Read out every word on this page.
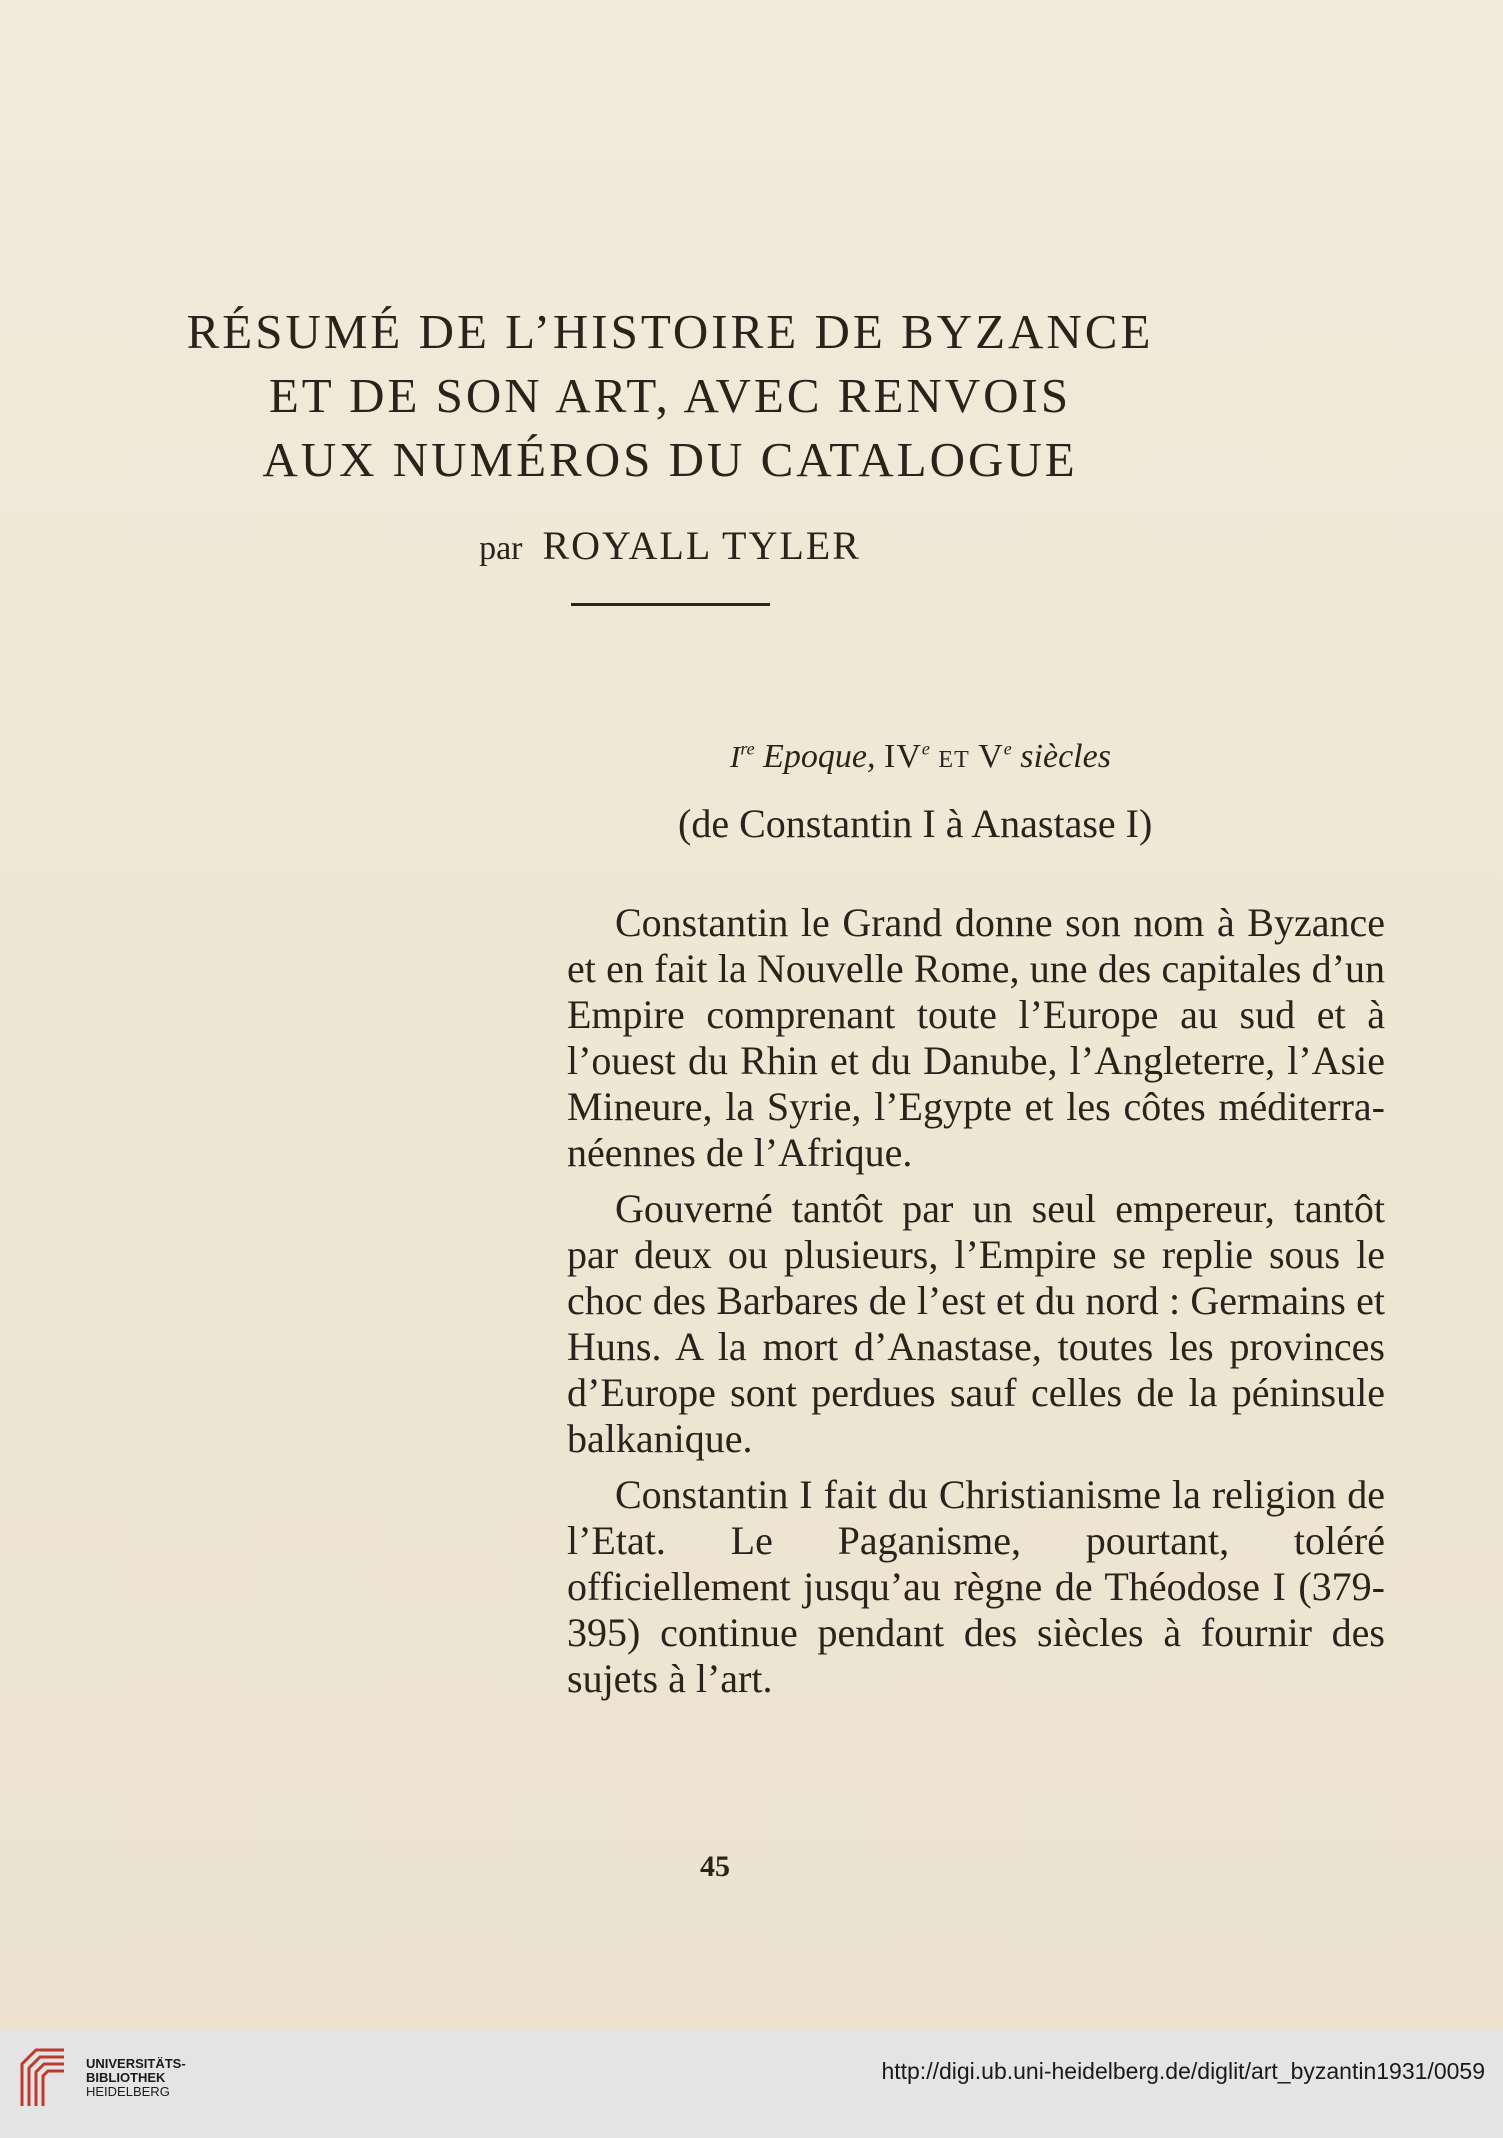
RÉSUMÉ DE L’HISTOIRE DE BYZANCE
ET DE SON ART, AVEC RENVOIS
AUX NUMÉROS DU CATALOGUE
par ROYALL TYLER
Ire Epoque, IVe et Ve siècles
(de Constantin I à Anastase I)

Constantin le Grand donne son nom à Byzance et en fait la Nouvelle Rome, une des capitales d’un Empire comprenant toute l’Europe au sud et à l’ouest du Rhin et du Danube, l’Angleterre, l’Asie Mineure, la Syrie, l’Egypte et les côtes méditerranéennes de l’Afrique.

Gouverné tantôt par un seul empereur, tantôt par deux ou plusieurs, l’Empire se replie sous le choc des Barbares de l’est et du nord : Germains et Huns. A la mort d’Anastase, toutes les provinces d’Europe sont perdues sauf celles de la péninsule balkanique.

Constantin I fait du Christianisme la religion de l’Etat. Le Paganisme, pourtant, toléré officiellement jusqu’au règne de Théodose I (379-395) continue pendant des siècles à fournir des sujets à l’art.

45
UNIVERSITÄTS-
BIBLIOTHEK
HEIDELBERG
http://digi.ub.uni-heidelberg.de/diglit/art_byzantin1931/0059
